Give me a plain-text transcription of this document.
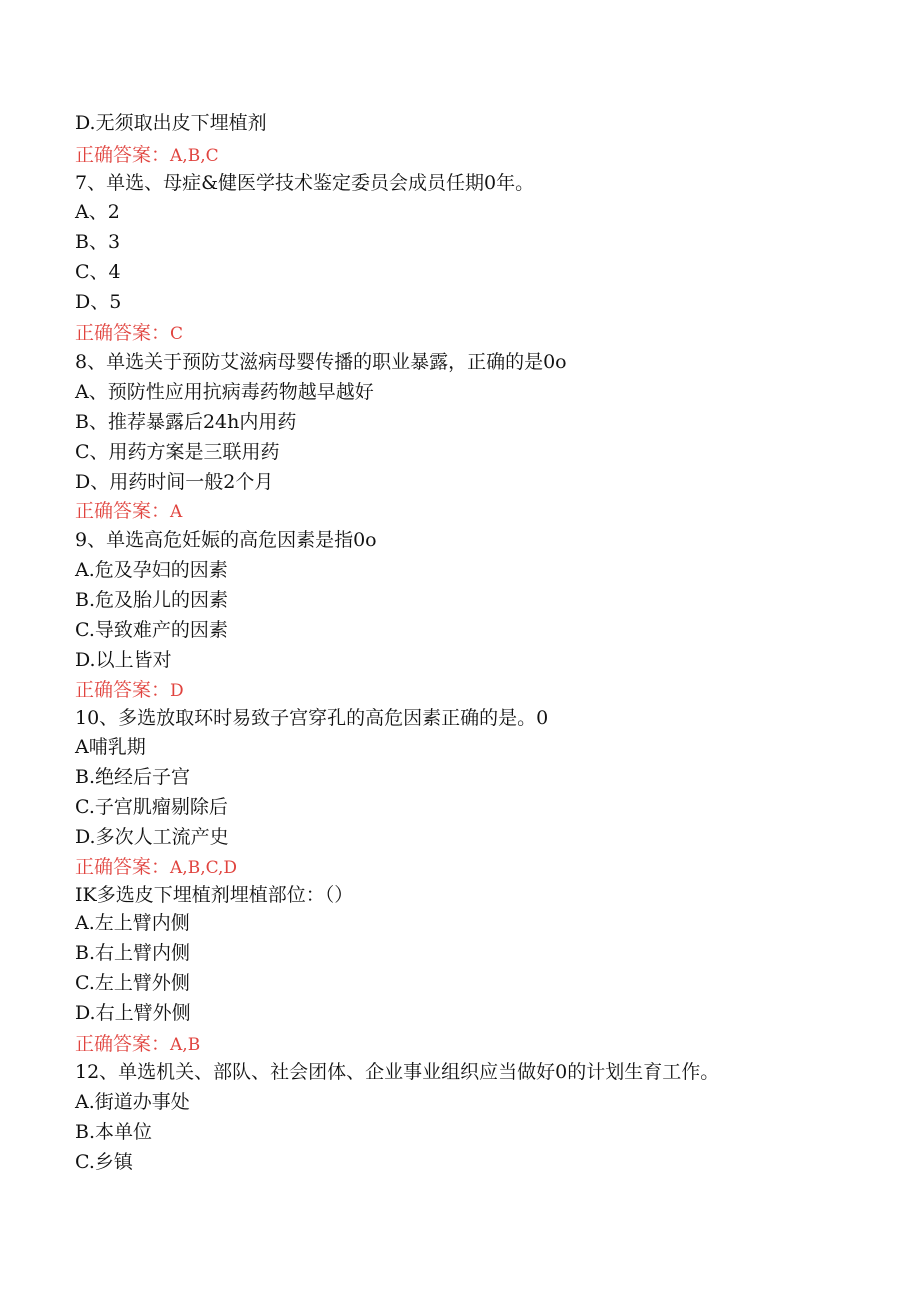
D.无须取出皮下埋植剂
正确答案：A,B,C
7、单选、母症&健医学技术鉴定委员会成员任期0年。
A、2
B、3
C、4
D、5
正确答案：C
8、单选关于预防艾滋病母婴传播的职业暴露，正确的是0o
A、预防性应用抗病毒药物越早越好
B、推荐暴露后24h内用药
C、用药方案是三联用药
D、用药时间一般2个月
正确答案：A
9、单选高危妊娠的高危因素是指0o
A.危及孕妇的因素
B.危及胎儿的因素
C.导致难产的因素
D.以上皆对
正确答案：D
10、多选放取环时易致子宫穿孔的高危因素正确的是。0
A哺乳期
B.绝经后子宫
C.子宫肌瘤剔除后
D.多次人工流产史
正确答案：A,B,C,D
IK多选皮下埋植剂埋植部位：（）
A.左上臂内侧
B.右上臂内侧
C.左上臂外侧
D.右上臂外侧
正确答案：A,B
12、单选机关、部队、社会团体、企业事业组织应当做好0的计划生育工作。
A.街道办事处
B.本单位
C.乡镇
